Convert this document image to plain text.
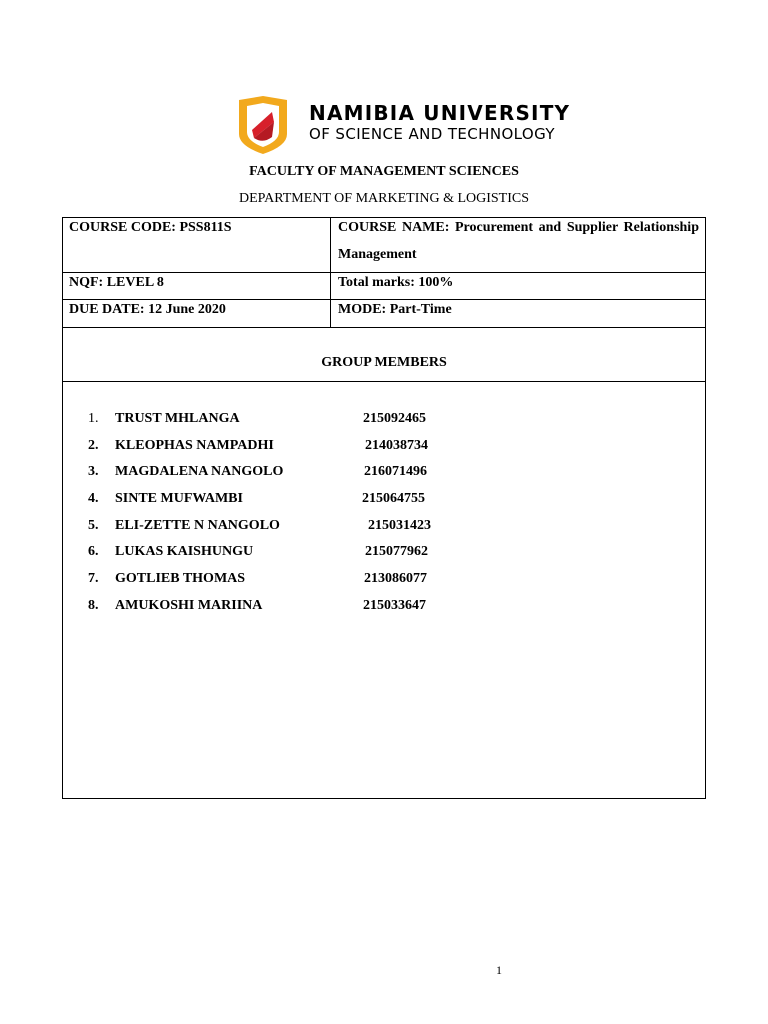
NAMIBIA UNIVERSITY
OF SCIENCE AND TECHNOLOGY
FACULTY OF MANAGEMENT SCIENCES
DEPARTMENT OF MARKETING & LOGISTICS
COURSE CODE: PSS811S	COURSE NAME: Procurement and Supplier Relationship Management
NQF: LEVEL 8	Total marks: 100%
DUE DATE: 12 June 2020	MODE: Part-Time
GROUP MEMBERS
1.	TRUST MHLANGA	215092465
2.	KLEOPHAS NAMPADHI	214038734
3.	MAGDALENA NANGOLO	216071496
4.	SINTE MUFWAMBI	215064755
5.	ELI-ZETTE N NANGOLO	215031423
6.	LUKAS KAISHUNGU	215077962
7.	GOTLIEB THOMAS	213086077
8.	AMUKOSHI MARIINA	215033647
1
